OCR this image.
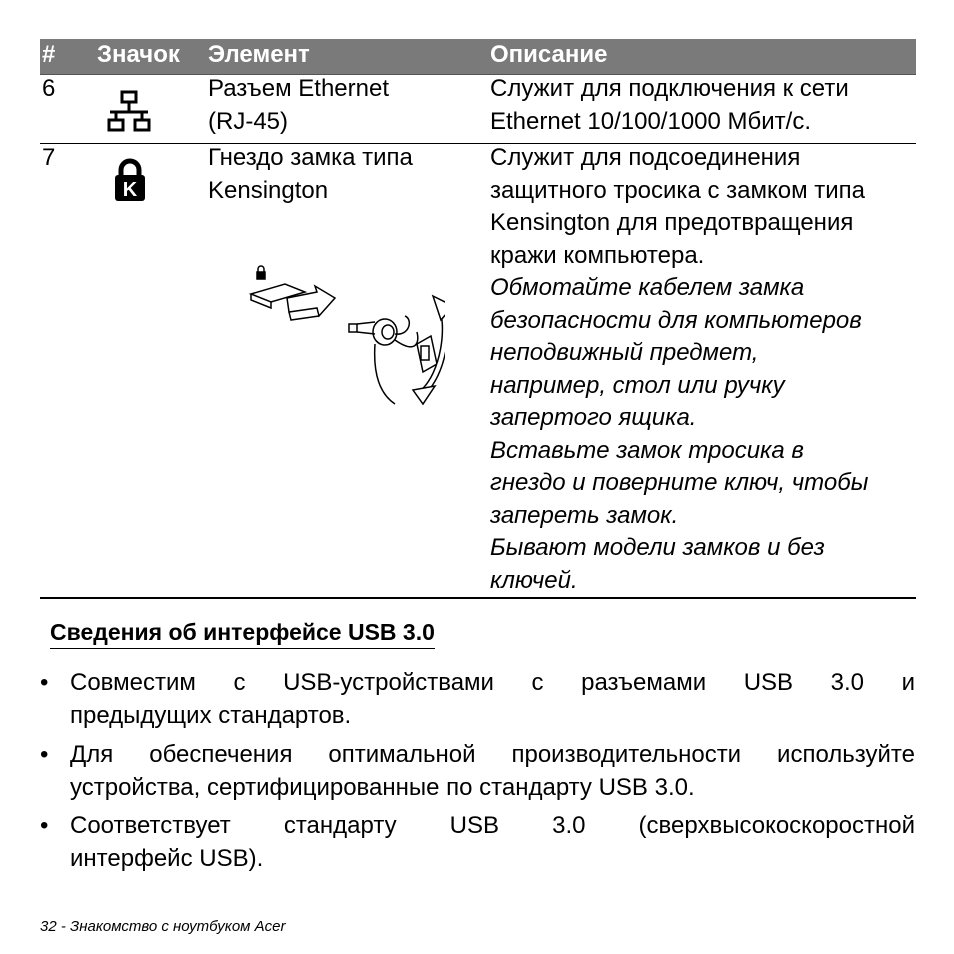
# Значок Элемент	Описание
6	Разъем Ethernet
(RJ-45)
Служит для подключения к сети
Ethernet 10/100/1000 Мбит/с.
7
K
Гнездо замка типа
Kensington
Служит для подсоединения
защитного тросика с замком типа
Kensington для предотвращения
кражи компьютера.
Обмотайте кабелем замка
безопасности для компьютеров
неподвижный предмет,
например, стол или ручку
запертого ящика.
Вставьте замок тросика в
гнездо и поверните ключ, чтобы
запереть замок.
Бывают модели замков и без
ключей.
Сведения об интерфейсе USB 3.0
• Совместим с USB-устройствами с разъемами USB 3.0 и
предыдущих стандартов.
• Для обеспечения оптимальной производительности используйте
устройства, сертифицированные по стандарту USB 3.0.
• Соответствует стандарту USB 3.0 (сверхвысокоскоростной
интерфейс USB).
32 - Знакомство с ноутбуком Acer
